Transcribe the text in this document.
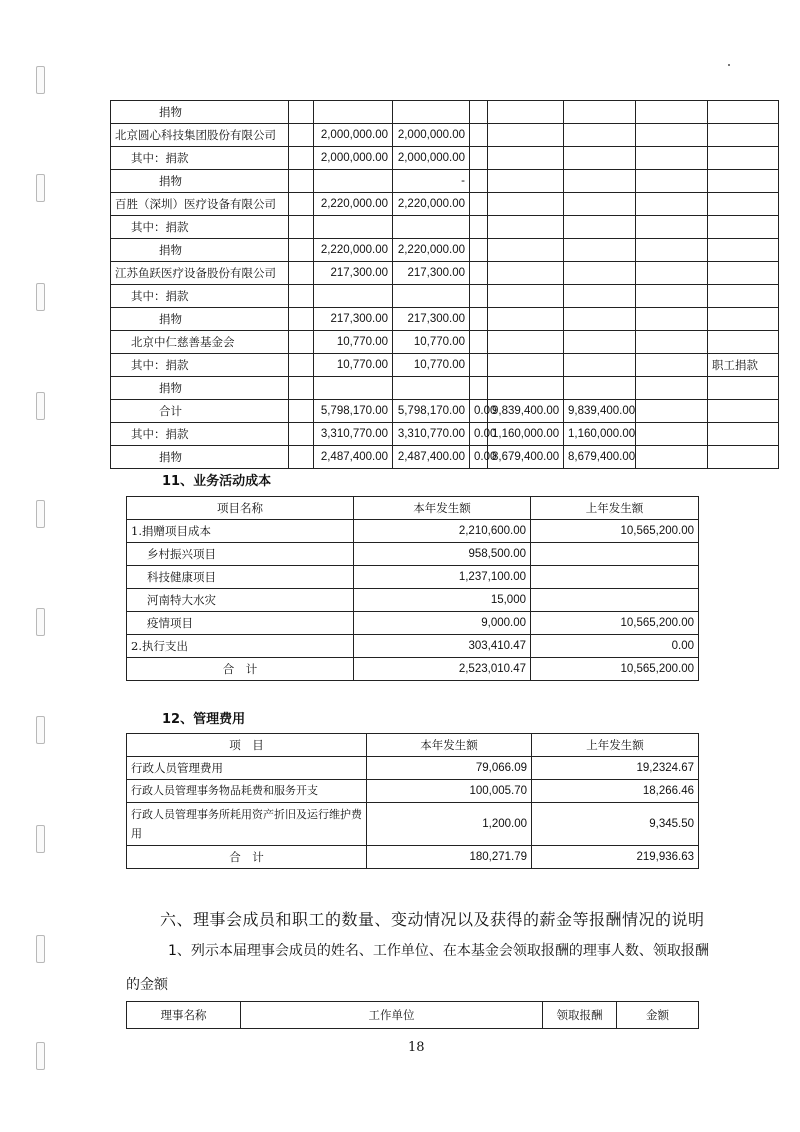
捐物								
北京圆心科技集团股份有限公司		2,000,000.00	2,000,000.00					
其中：捐款		2,000,000.00	2,000,000.00					
捐物			-					
百胜（深圳）医疗设备有限公司		2,220,000.00	2,220,000.00					
其中：捐款								
捐物		2,220,000.00	2,220,000.00					
江苏鱼跃医疗设备股份有限公司		217,300.00	217,300.00					
其中：捐款								
捐物		217,300.00	217,300.00					
北京中仁慈善基金会		10,770.00	10,770.00					
其中：捐款		10,770.00	10,770.00					职工捐款
捐物								
合计		5,798,170.00	5,798,170.00	0.00	9,839,400.00	9,839,400.00		
其中：捐款		3,310,770.00	3,310,770.00	0.00	1,160,000.00	1,160,000.00		
捐物		2,487,400.00	2,487,400.00	0.00	8,679,400.00	8,679,400.00		
11、业务活动成本
项目名称	本年发生额	上年发生额
1.捐赠项目成本	2,210,600.00	10,565,200.00
乡村振兴项目	958,500.00	
科技健康项目	1,237,100.00	
河南特大水灾	15,000	
疫情项目	9,000.00	10,565,200.00
2.执行支出	303,410.47	0.00
合　计	2,523,010.47	10,565,200.00
12、管理费用
项　目	本年发生额	上年发生额
行政人员管理费用	79,066.09	19,2324.67
行政人员管理事务物品耗费和服务开支	100,005.70	18,266.46
行政人员管理事务所耗用资产折旧及运行维护费用	1,200.00	9,345.50
合　计	180,271.79	219,936.63
六、理事会成员和职工的数量、变动情况以及获得的薪金等报酬情况的说明
1、列示本届理事会成员的姓名、工作单位、在本基金会领取报酬的理事人数、领取报酬的金额
理事名称	工作单位	领取报酬	金额
18
